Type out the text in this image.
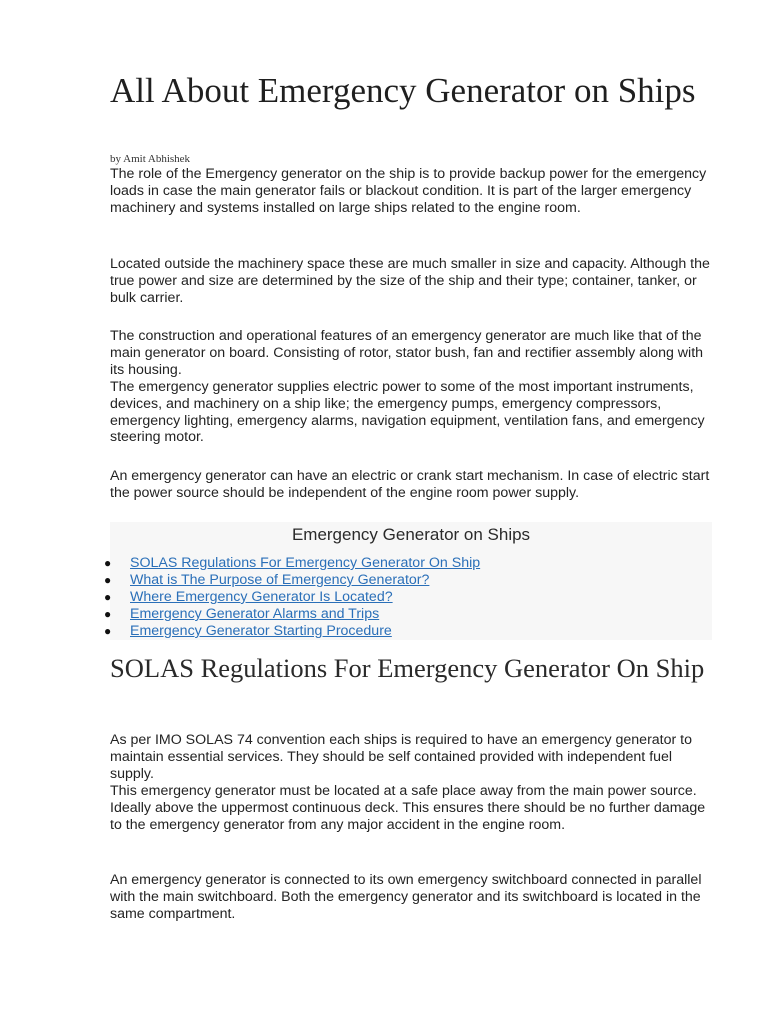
All About Emergency Generator on Ships
by Amit Abhishek

The role of the Emergency generator on the ship is to provide backup power for the emergency loads in case the main generator fails or blackout condition. It is part of the larger emergency machinery and systems installed on large ships related to the engine room.

Located outside the machinery space these are much smaller in size and capacity. Although the true power and size are determined by the size of the ship and their type; container, tanker, or bulk carrier.

The construction and operational features of an emergency generator are much like that of the main generator on board. Consisting of rotor, stator bush, fan and rectifier assembly along with its housing.

The emergency generator supplies electric power to some of the most important instruments, devices, and machinery on a ship like; the emergency pumps, emergency compressors, emergency lighting, emergency alarms, navigation equipment, ventilation fans, and emergency steering motor.

An emergency generator can have an electric or crank start mechanism. In case of electric start the power source should be independent of the engine room power supply.

Emergency Generator on Ships
●	SOLAS Regulations For Emergency Generator On Ship
●	What is The Purpose of Emergency Generator?
●	Where Emergency Generator Is Located?
●	Emergency Generator Alarms and Trips
●	Emergency Generator Starting Procedure
SOLAS Regulations For Emergency Generator On Ship

As per IMO SOLAS 74 convention each ships is required to have an emergency generator to maintain essential services. They should be self contained provided with independent fuel supply.

This emergency generator must be located at a safe place away from the main power source. Ideally above the uppermost continuous deck. This ensures there should be no further damage to the emergency generator from any major accident in the engine room.

An emergency generator is connected to its own emergency switchboard connected in parallel with the main switchboard. Both the emergency generator and its switchboard is located in the same compartment.
